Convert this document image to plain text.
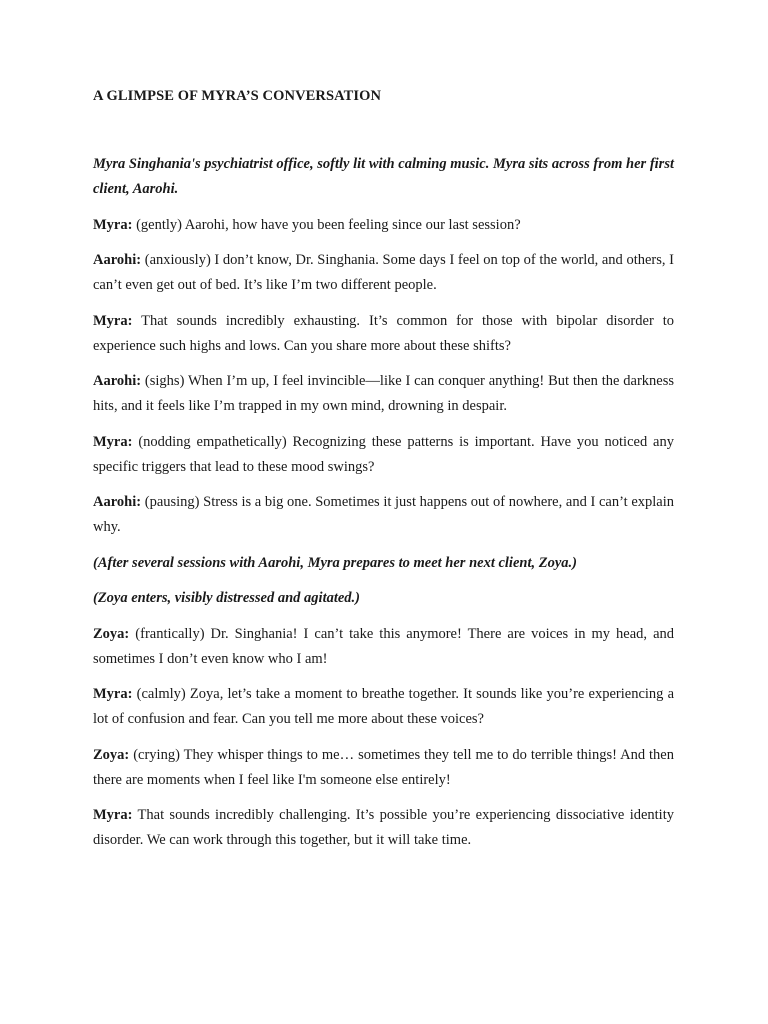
A GLIMPSE OF MYRA’S CONVERSATION

Myra Singhania's psychiatrist office, softly lit with calming music. Myra sits across from her first client, Aarohi.

Myra: (gently) Aarohi, how have you been feeling since our last session?

Aarohi: (anxiously) I don’t know, Dr. Singhania. Some days I feel on top of the world, and others, I can’t even get out of bed. It’s like I’m two different people.

Myra: That sounds incredibly exhausting. It’s common for those with bipolar disorder to experience such highs and lows. Can you share more about these shifts?

Aarohi: (sighs) When I’m up, I feel invincible—like I can conquer anything! But then the darkness hits, and it feels like I’m trapped in my own mind, drowning in despair.

Myra: (nodding empathetically) Recognizing these patterns is important. Have you noticed any specific triggers that lead to these mood swings?

Aarohi: (pausing) Stress is a big one. Sometimes it just happens out of nowhere, and I can’t explain why.

(After several sessions with Aarohi, Myra prepares to meet her next client, Zoya.)

(Zoya enters, visibly distressed and agitated.)

Zoya: (frantically) Dr. Singhania! I can’t take this anymore! There are voices in my head, and sometimes I don’t even know who I am!

Myra: (calmly) Zoya, let’s take a moment to breathe together. It sounds like you’re experiencing a lot of confusion and fear. Can you tell me more about these voices?

Zoya: (crying) They whisper things to me… sometimes they tell me to do terrible things! And then there are moments when I feel like I'm someone else entirely!

Myra: That sounds incredibly challenging. It’s possible you’re experiencing dissociative identity disorder. We can work through this together, but it will take time.
